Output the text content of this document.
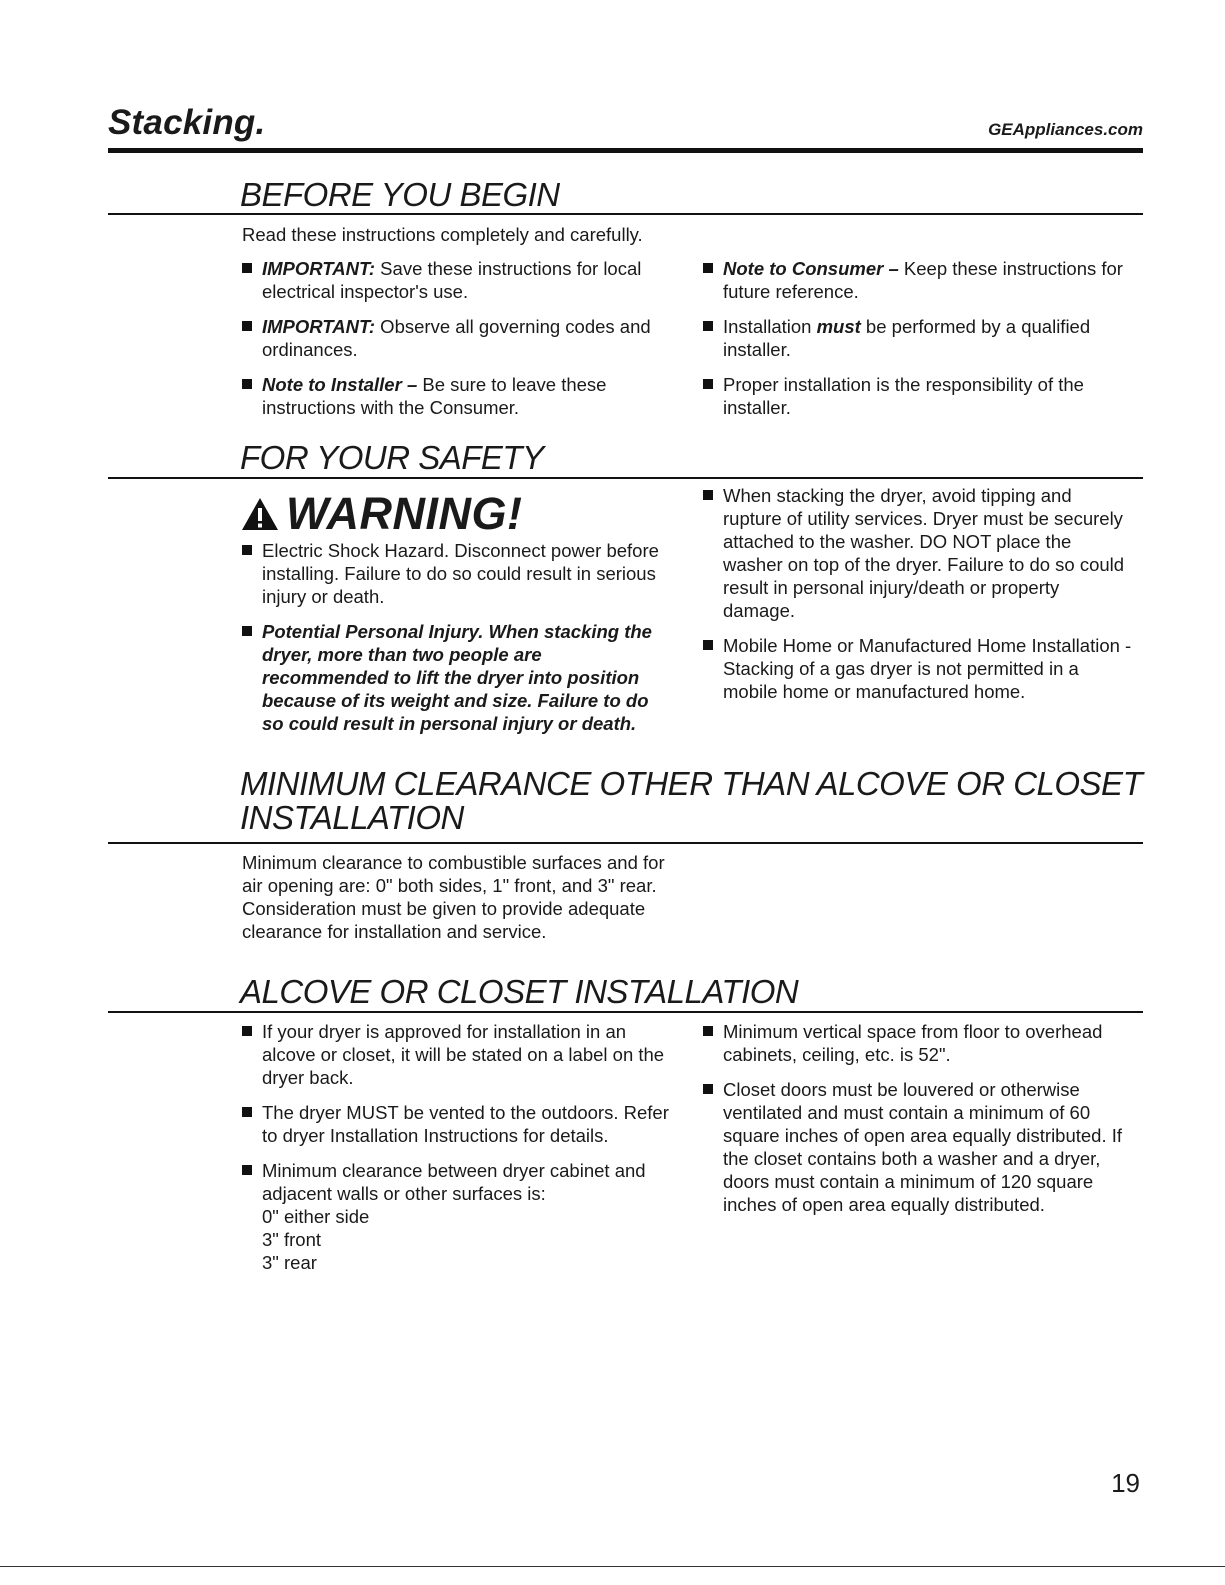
Stacking.	GEAppliances.com
BEFORE YOU BEGIN

Read these instructions completely and carefully.

IMPORTANT: Save these instructions for local electrical inspector's use.
IMPORTANT: Observe all governing codes and ordinances.
Note to Installer – Be sure to leave these instructions with the Consumer.
Note to Consumer – Keep these instructions for future reference.
Installation must be performed by a qualified installer.
Proper installation is the responsibility of the installer.
FOR YOUR SAFETY
WARNING!
Electric Shock Hazard. Disconnect power before installing. Failure to do so could result in serious injury or death.
Potential Personal Injury. When stacking the dryer, more than two people are recommended to lift the dryer into position because of its weight and size. Failure to do so could result in personal injury or death.
When stacking the dryer, avoid tipping and rupture of utility services. Dryer must be securely attached to the washer. DO NOT place the washer on top of the dryer. Failure to do so could result in personal injury/death or property damage.
Mobile Home or Manufactured Home Installation - Stacking of a gas dryer is not permitted in a mobile home or manufactured home.
MINIMUM CLEARANCE OTHER THAN ALCOVE OR CLOSET
INSTALLATION

Minimum clearance to combustible surfaces and for air opening are: 0" both sides, 1" front, and 3" rear. Consideration must be given to provide adequate clearance for installation and service.

ALCOVE OR CLOSET INSTALLATION
If your dryer is approved for installation in an alcove or closet, it will be stated on a label on the dryer back.
The dryer MUST be vented to the outdoors. Refer to dryer Installation Instructions for details.
Minimum clearance between dryer cabinet and adjacent walls or other surfaces is:
0" either side
3" front
3" rear
Minimum vertical space from floor to overhead cabinets, ceiling, etc. is 52".
Closet doors must be louvered or otherwise ventilated and must contain a minimum of 60 square inches of open area equally distributed. If the closet contains both a washer and a dryer, doors must contain a minimum of 120 square inches of open area equally distributed.
19
